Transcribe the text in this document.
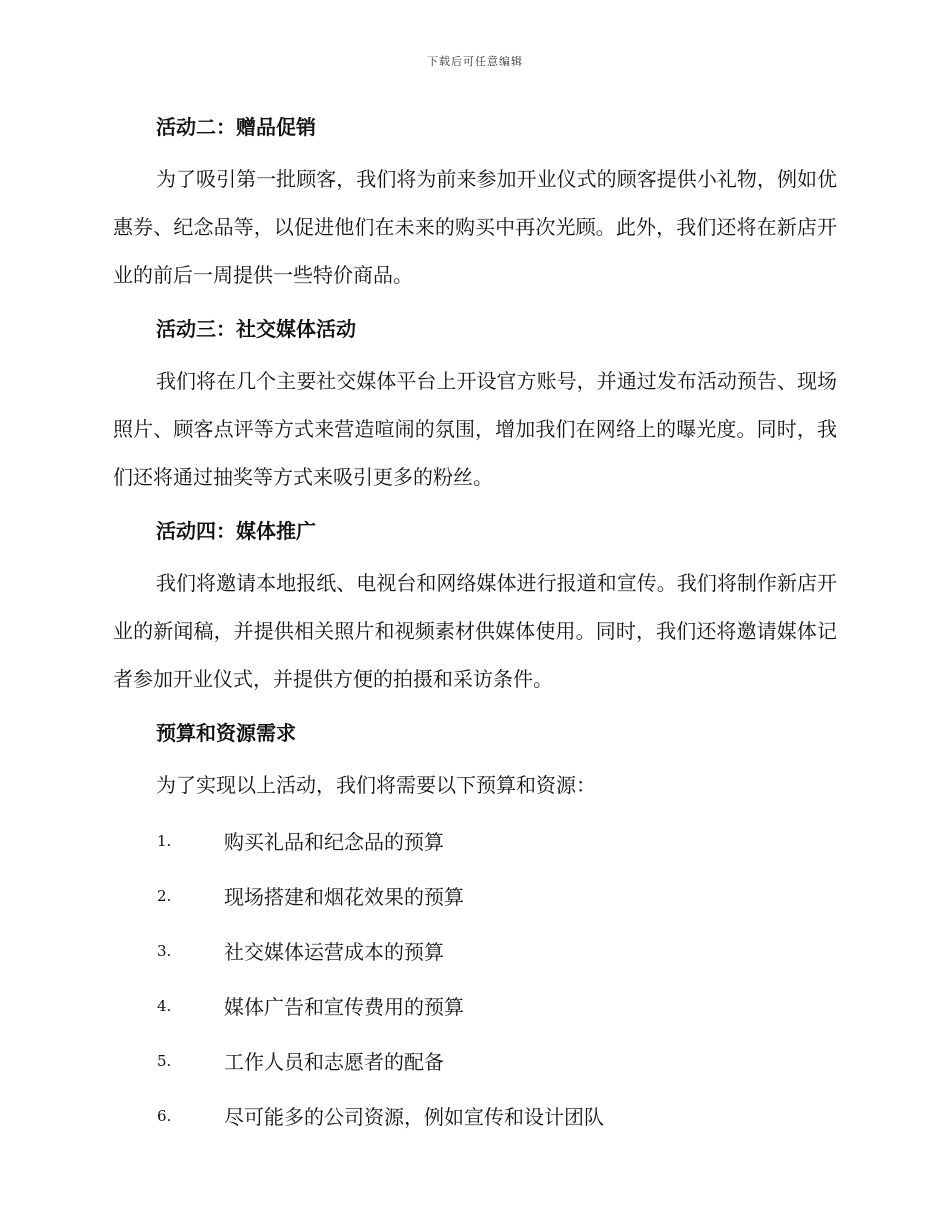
下载后可任意编辑
活动二：赠品促销

为了吸引第一批顾客，我们将为前来参加开业仪式的顾客提供小礼物，例如优惠券、纪念品等，以促进他们在未来的购买中再次光顾。此外，我们还将在新店开业的前后一周提供一些特价商品。

活动三：社交媒体活动

我们将在几个主要社交媒体平台上开设官方账号，并通过发布活动预告、现场照片、顾客点评等方式来营造喧闹的氛围，增加我们在网络上的曝光度。同时，我们还将通过抽奖等方式来吸引更多的粉丝。

活动四：媒体推广

我们将邀请本地报纸、电视台和网络媒体进行报道和宣传。我们将制作新店开业的新闻稿，并提供相关照片和视频素材供媒体使用。同时，我们还将邀请媒体记者参加开业仪式，并提供方便的拍摄和采访条件。

预算和资源需求

为了实现以上活动，我们将需要以下预算和资源：

1.	购买礼品和纪念品的预算
2.	现场搭建和烟花效果的预算
3.	社交媒体运营成本的预算
4.	媒体广告和宣传费用的预算
5.	工作人员和志愿者的配备
6.	尽可能多的公司资源，例如宣传和设计团队
